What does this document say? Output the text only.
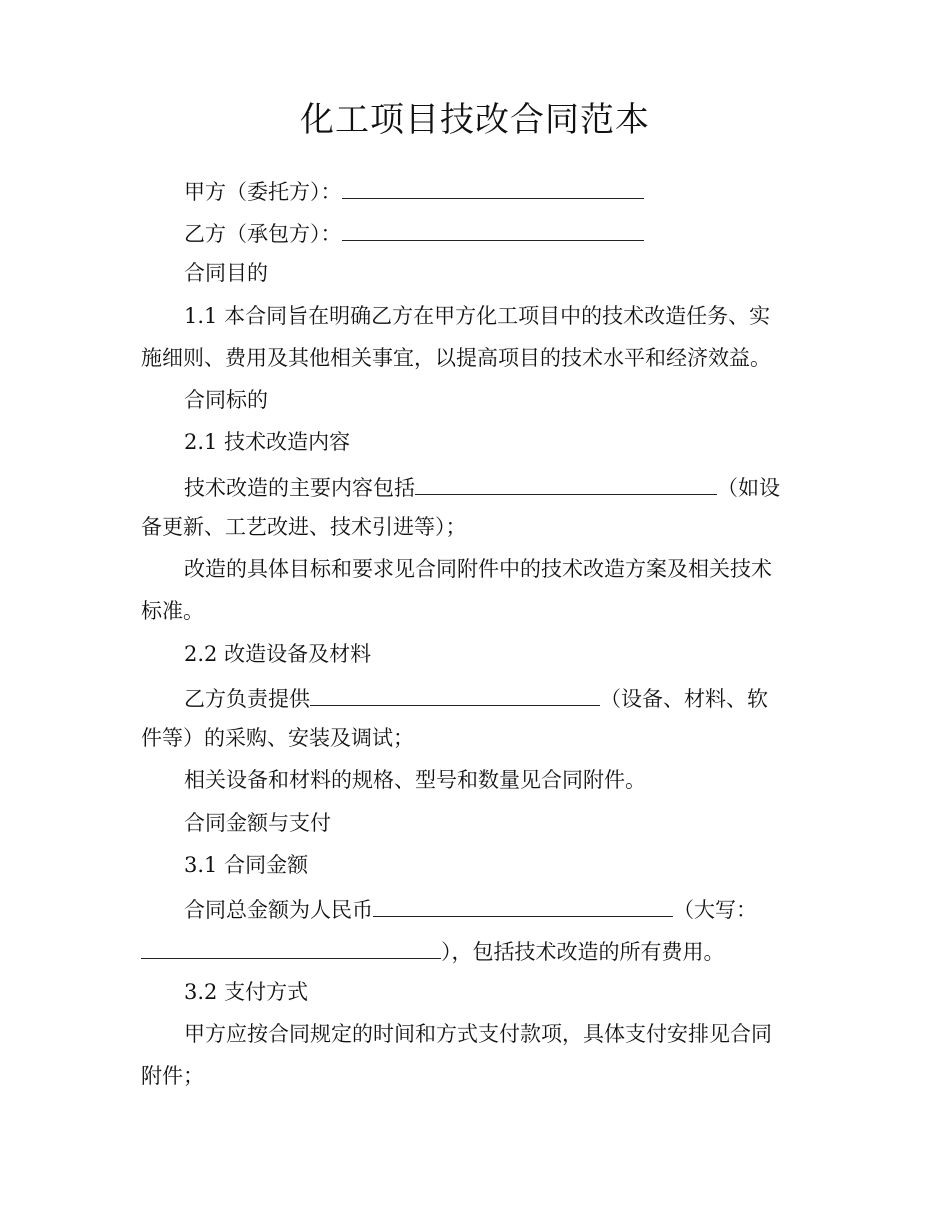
化工项目技改合同范本
甲方（委托方）：
乙方（承包方）：
合同目的
1.1 本合同旨在明确乙方在甲方化工项目中的技术改造任务、实
施细则、费用及其他相关事宜，以提高项目的技术水平和经济效益。
合同标的
2.1 技术改造内容
技术改造的主要内容包括	（如设
备更新、工艺改进、技术引进等）；
改造的具体目标和要求见合同附件中的技术改造方案及相关技术
标准。
2.2 改造设备及材料
乙方负责提供	（设备、材料、软
件等）的采购、安装及调试；
相关设备和材料的规格、型号和数量见合同附件。
合同金额与支付
3.1 合同金额
合同总金额为人民币	（大写：
），包括技术改造的所有费用。
3.2 支付方式
甲方应按合同规定的时间和方式支付款项，具体支付安排见合同
附件；
